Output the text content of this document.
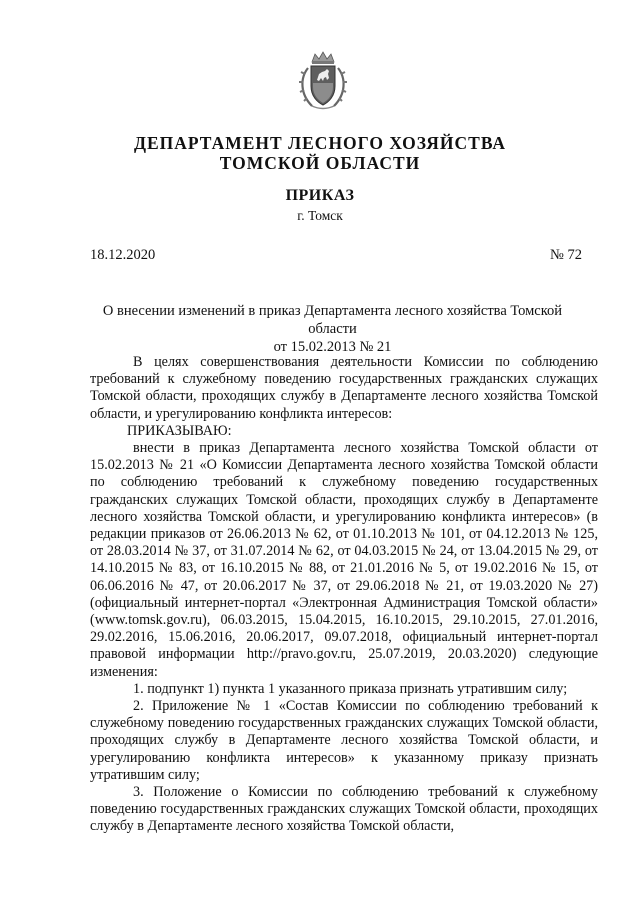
ДЕПАРТАМЕНТ ЛЕСНОГО ХОЗЯЙСТВА
ТОМСКОЙ ОБЛАСТИ
ПРИКАЗ
г. Томск
18.12.2020	№ 72
О внесении изменений в приказ Департамента лесного хозяйства Томской области
от 15.02.2013 № 21

В целях совершенствования деятельности Комиссии по соблюдению требований к служебному поведению государственных гражданских служащих Томской области, проходящих службу в Департаменте лесного хозяйства Томской области, и урегулированию конфликта интересов:

ПРИКАЗЫВАЮ:

внести в приказ Департамента лесного хозяйства Томской области от 15.02.2013 № 21 «О Комиссии Департамента лесного хозяйства Томской области по соблюдению требований к служебному поведению государственных гражданских служащих Томской области, проходящих службу в Департаменте лесного хозяйства Томской области, и урегулированию конфликта интересов» (в редакции приказов от 26.06.2013 № 62, от 01.10.2013 № 101, от 04.12.2013 № 125, от 28.03.2014 № 37, от 31.07.2014 № 62, от 04.03.2015 № 24, от 13.04.2015 № 29, от 14.10.2015 № 83, от 16.10.2015 № 88, от 21.01.2016 № 5, от 19.02.2016 № 15, от 06.06.2016 № 47, от 20.06.2017 № 37, от 29.06.2018 № 21, от 19.03.2020 № 27) (официальный интернет-портал «Электронная Администрация Томской области» (www.tomsk.gov.ru), 06.03.2015, 15.04.2015, 16.10.2015, 29.10.2015, 27.01.2016, 29.02.2016, 15.06.2016, 20.06.2017, 09.07.2018, официальный интернет-портал правовой информации http://pravo.gov.ru, 25.07.2019, 20.03.2020) следующие изменения:

1. подпункт 1) пункта 1 указанного приказа признать утратившим силу;

2. Приложение № 1 «Состав Комиссии по соблюдению требований к служебному поведению государственных гражданских служащих Томской области, проходящих службу в Департаменте лесного хозяйства Томской области, и урегулированию конфликта интересов» к указанному приказу признать утратившим силу;

3. Положение о Комиссии по соблюдению требований к служебному поведению государственных гражданских служащих Томской области, проходящих службу в Департаменте лесного хозяйства Томской области,
